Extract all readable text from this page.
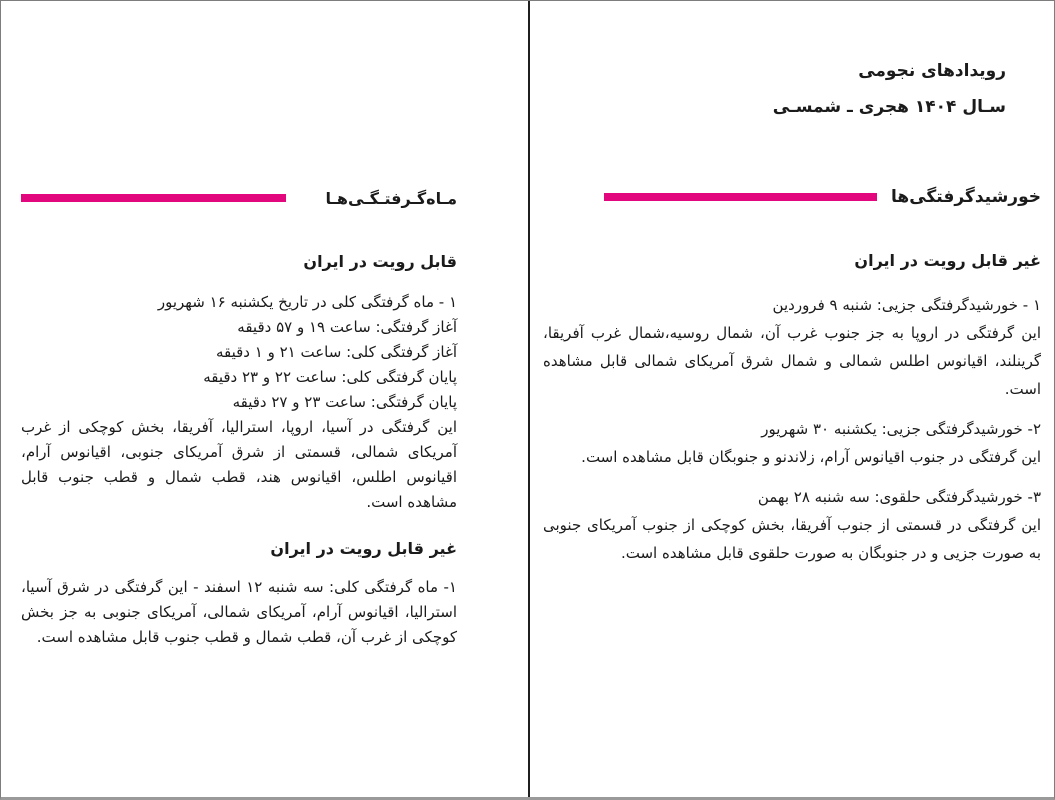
مـاه‌گـرفتـگـی‌هـا
قابل رویت در ایران
۱ - ماه گرفتگی کلی در تاریخ یکشنبه ۱۶ شهریور
آغاز گرفتگی: ساعت ۱۹ و ۵۷ دقیقه
آغاز گرفتگی کلی: ساعت ۲۱ و ۱ دقیقه
پایان گرفتگی کلی: ساعت ۲۲ و ۲۳ دقیقه
پایان گرفتگی: ساعت ۲۳ و ۲۷ دقیقه

این گرفتگی در آسیا، اروپا، استرالیا، آفریقا، بخش کوچکی از غرب آمریکای شمالی، قسمتی از شرق آمریکای جنوبی، اقیانوس آرام، اقیانوس اطلس، اقیانوس هند، قطب شمال و قطب جنوب قابل مشاهده است.

غیر قابل رویت در ایران

۱- ماه گرفتگی کلی: سه شنبه ۱۲ اسفند - این گرفتگی در شرق آسیا، استرالیا، اقیانوس آرام، آمریکای شمالی، آمریکای جنوبی به جز بخش کوچکی از غرب آن، قطب شمال و قطب جنوب قابل مشاهده است.

رویدادهای نجومی
سـال ۱۴۰۴ هجری ـ شمسـی
خورشیدگرفتگی‌ها
غیر قابل رویت در ایران
۱ - خورشیدگرفتگی جزیی: شنبه ۹ فروردین

این گرفتگی در اروپا به جز جنوب غرب آن، شمال روسیه،شمال غرب آفریقا، گرینلند، اقیانوس اطلس شمالی و شمال شرق آمریکای شمالی قابل مشاهده است.

۲- خورشیدگرفتگی جزیی: یکشنبه ۳۰ شهریور

این گرفتگی در جنوب اقیانوس آرام، زلاندنو و جنوبگان قابل مشاهده است.

۳- خورشیدگرفتگی حلقوی: سه شنبه ۲۸ بهمن

این گرفتگی در قسمتی از جنوب آفریقا، بخش کوچکی از جنوب آمریکای جنوبی به صورت جزیی و در جنوبگان به صورت حلقوی قابل مشاهده است.
